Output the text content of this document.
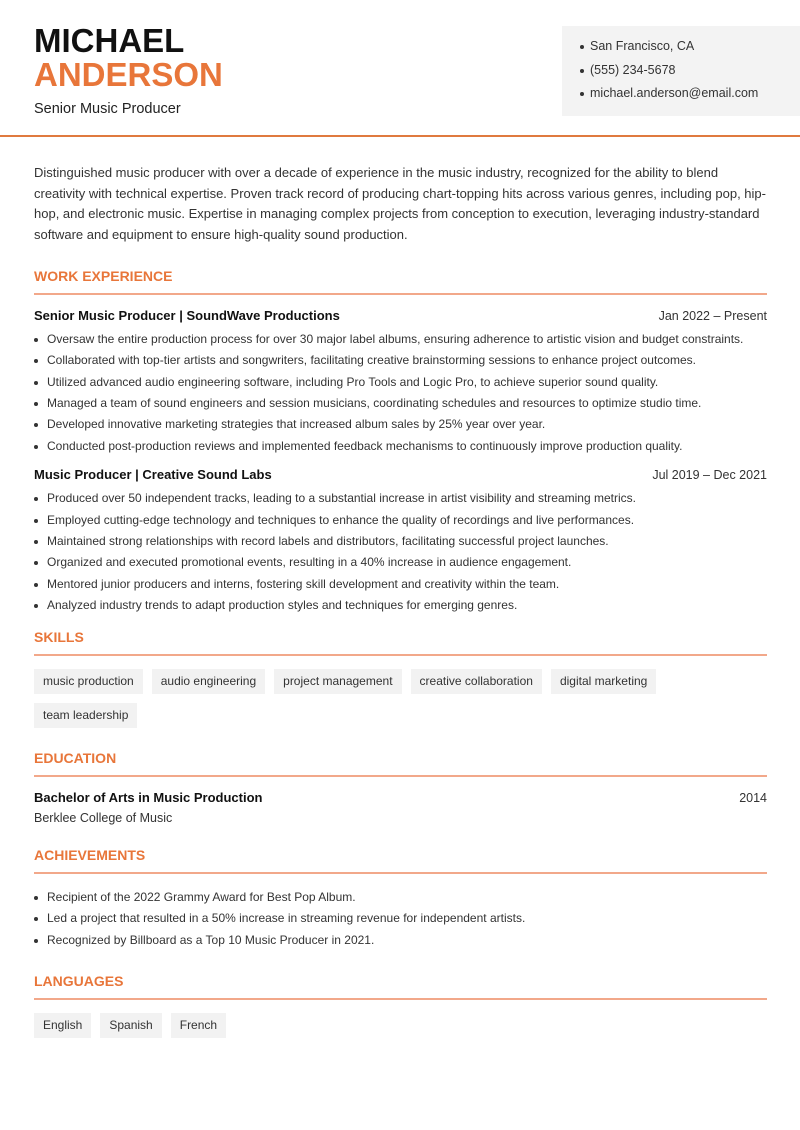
MICHAEL
ANDERSON
Senior Music Producer
San Francisco, CA
(555) 234-5678
michael.anderson@email.com

Distinguished music producer with over a decade of experience in the music industry, recognized for the ability to blend creativity with technical expertise. Proven track record of producing chart-topping hits across various genres, including pop, hip-hop, and electronic music. Expertise in managing complex projects from conception to execution, leveraging industry-standard software and equipment to ensure high-quality sound production.

WORK EXPERIENCE
Senior Music Producer | SoundWave Productions	Jan 2022 – Present
Oversaw the entire production process for over 30 major label albums, ensuring adherence to artistic vision and budget constraints.
Collaborated with top-tier artists and songwriters, facilitating creative brainstorming sessions to enhance project outcomes.
Utilized advanced audio engineering software, including Pro Tools and Logic Pro, to achieve superior sound quality.
Managed a team of sound engineers and session musicians, coordinating schedules and resources to optimize studio time.
Developed innovative marketing strategies that increased album sales by 25% year over year.
Conducted post-production reviews and implemented feedback mechanisms to continuously improve production quality.
Music Producer | Creative Sound Labs	Jul 2019 – Dec 2021
Produced over 50 independent tracks, leading to a substantial increase in artist visibility and streaming metrics.
Employed cutting-edge technology and techniques to enhance the quality of recordings and live performances.
Maintained strong relationships with record labels and distributors, facilitating successful project launches.
Organized and executed promotional events, resulting in a 40% increase in audience engagement.
Mentored junior producers and interns, fostering skill development and creativity within the team.
Analyzed industry trends to adapt production styles and techniques for emerging genres.
SKILLS
music production	audio engineering	project management	creative collaboration	digital marketing
team leadership
EDUCATION
Bachelor of Arts in Music Production	2014
Berklee College of Music
ACHIEVEMENTS
Recipient of the 2022 Grammy Award for Best Pop Album.
Led a project that resulted in a 50% increase in streaming revenue for independent artists.
Recognized by Billboard as a Top 10 Music Producer in 2021.
LANGUAGES
English	Spanish	French
